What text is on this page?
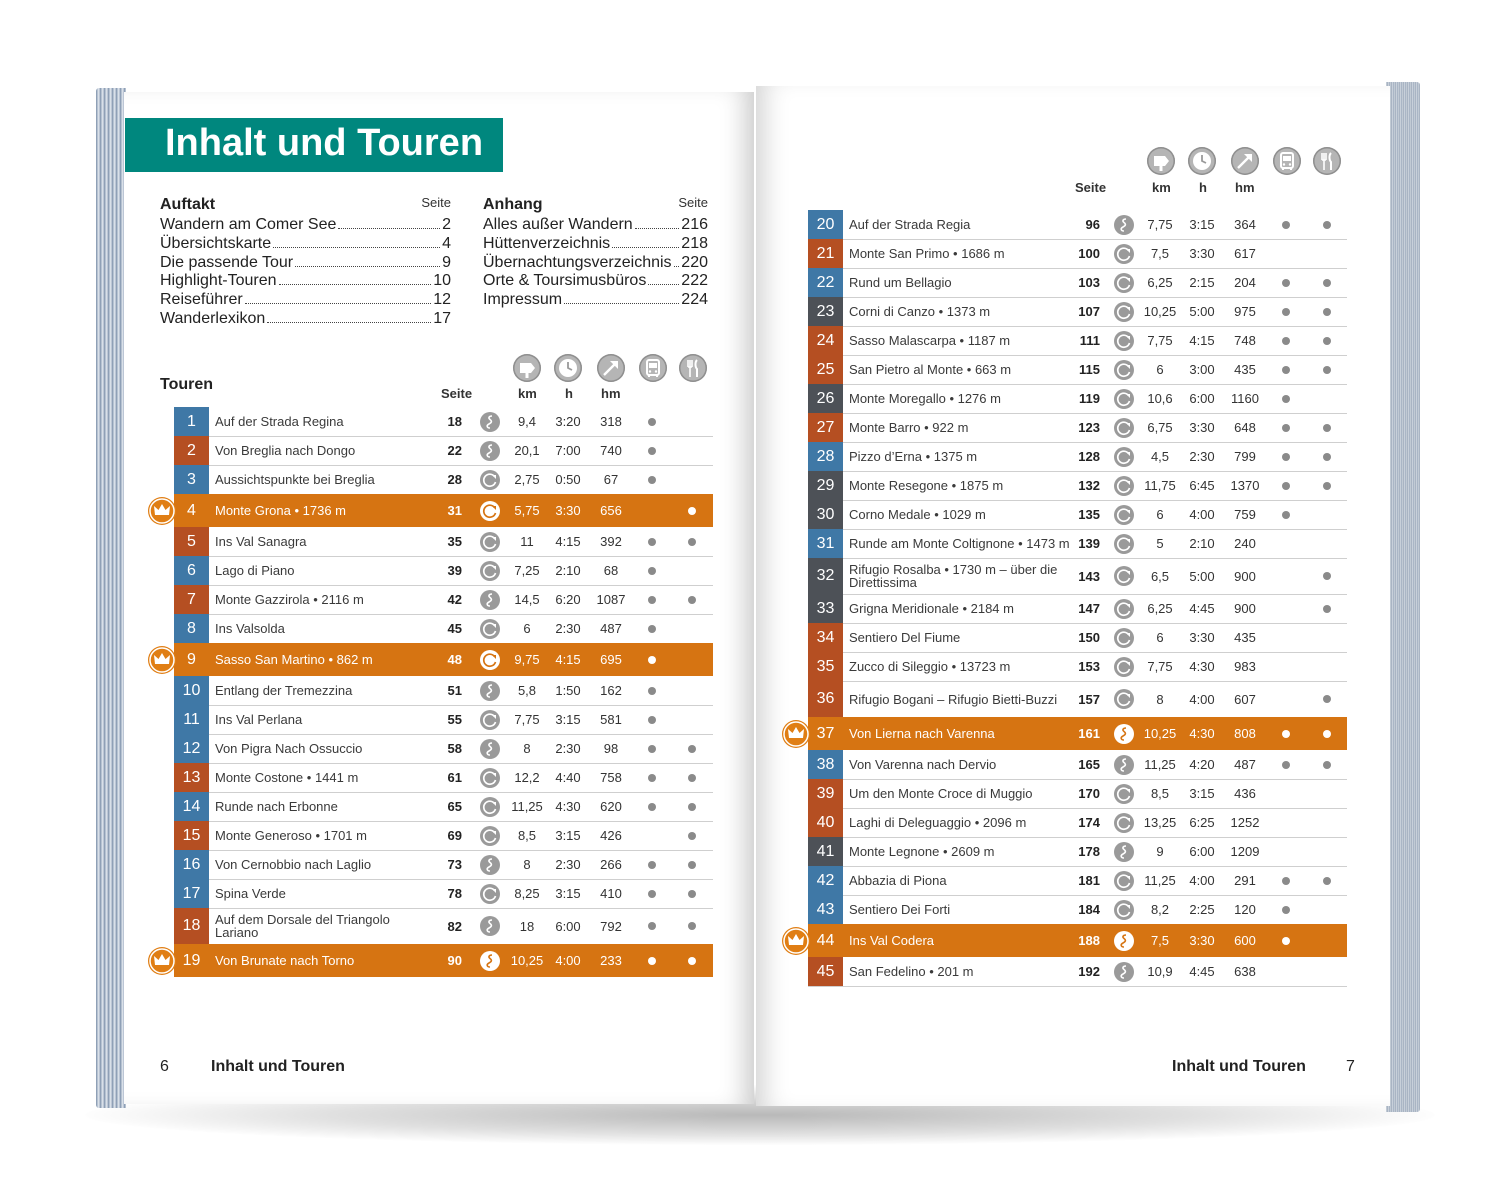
Inhalt und Touren
Auftakt	Seite
Wandern am Comer See	2
Übersichtskarte	4
Die passende Tour	9
Highlight-Touren	10
Reiseführer	12
Wanderlexikon	17
Anhang	Seite
Alles außer Wandern	216
Hüttenverzeichnis	218
Übernachtungsverzeichnis 220
Orte & Toursimusbüros 222
Impressum	224
Touren
Seite	km h hm
Seite	km h hm
1	Auf der Strada Regina	18	9,4	3:20	318
2	Von Breglia nach Dongo	22	20,1	7:00	740
3	Aussichtspunkte bei Breglia	28	2,75	0:50	67
4	Monte Grona • 1736 m	31	5,75	3:30	656
5	Ins Val Sanagra	35	11	4:15	392
6	Lago di Piano	39	7,25	2:10	68
7	Monte Gazzirola • 2116 m	42	14,5	6:20	1087
8	Ins Valsolda	45	6	2:30	487
9	Sasso San Martino • 862 m	48	9,75	4:15	695
10	Entlang der Tremezzina	51	5,8	1:50	162
11	Ins Val Perlana	55	7,75	3:15	581
12	Von Pigra Nach Ossuccio	58	8	2:30	98
13	Monte Costone • 1441 m	61	12,2	4:40	758
14	Runde nach Erbonne	65	11,25 4:30	620
15	Monte Generoso • 1701 m	69	8,5	3:15	426
16	Von Cernobbio nach Laglio	73	8	2:30	266
17	Spina Verde	78	8,25	3:15	410
18	Auf dem Dorsale del Triangolo Lariano	82	18	6:00	792
19	Von Brunate nach Torno	90	10,25 4:00	233
20	Auf der Strada Regia	96	7,75	3:15	364
21	Monte San Primo • 1686 m	100	7,5	3:30	617
22	Rund um Bellagio	103	6,25	2:15	204
23	Corni di Canzo • 1373 m	107	10,25	5:00	975
24	Sasso Malascarpa • 1187 m	111	7,75	4:15	748
25	San Pietro al Monte • 663 m	115	6	3:00	435
26	Monte Moregallo • 1276 m	119	10,6	6:00	1160
27	Monte Barro • 922 m	123	6,75	3:30	648
28	Pizzo d’Erna • 1375 m	128	4,5	2:30	799
29	Monte Resegone • 1875 m	132	11,75	6:45	1370
30	Corno Medale • 1029 m	135	6	4:00	759
31	Runde am Monte Coltignone • 1473 m 139	5	2:10	240
32	Rifugio Rosalba • 1730 m – über die Direttissima	143	6,5	5:00	900
33	Grigna Meridionale • 2184 m	147	6,25	4:45	900
34	Sentiero Del Fiume	150	6	3:30	435
35	Zucco di Sileggio • 13723 m	153	7,75	4:30	983
36	Rifugio Bogani – Rifugio Bietti-Buzzi	157	8	4:00	607
37	Von Lierna nach Varenna	161	10,25	4:30	808
38	Von Varenna nach Dervio	165	11,25	4:20	487
39	Um den Monte Croce di Muggio	170	8,5	3:15	436
40	Laghi di Deleguaggio • 2096 m	174	13,25	6:25	1252
41	Monte Legnone • 2609 m	178	9	6:00	1209
42	Abbazia di Piona	181	11,25	4:00	291
43	Sentiero Dei Forti	184	8,2	2:25	120
44	Ins Val Codera	188	7,5	3:30	600
45	San Fedelino • 201 m	192	10,9	4:45	638
6	Inhalt und Touren	Inhalt und Touren	7
